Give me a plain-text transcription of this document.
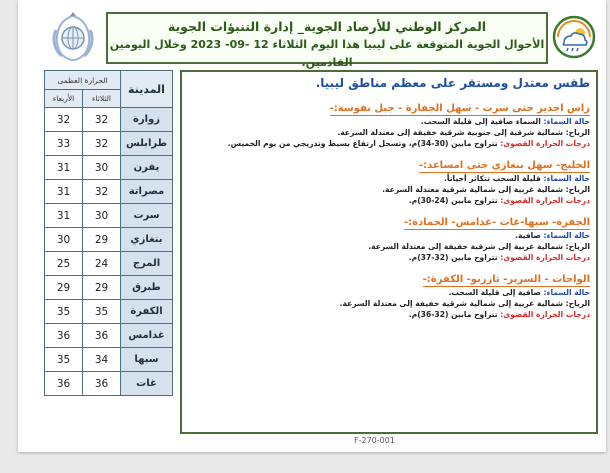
المركز الوطني للأرصاد الجوية_ إدارة التنبؤات الجوية
الأحوال الجوية المتوقعة على ليبيا هذا اليوم الثلاثاء 12 -09- 2023 وخلال اليومين القادمين.
طقس معتدل ومستقر على معظم مناطق ليبيا.
راس اجدير حتى سرت - سهل الجفارة - جبل نفوسة:-
حالة السماء: السماء صافية إلى قليلة السحب.
الرياح: شمالية شرقية إلى جنوبية شرقية خفيفة إلى معتدلة السرعة.
درجات الحرارة القصوى: تتراوح مابين (30-34)م، وتسجل ارتفاع بسيط وتدريجي من يوم الخميس.
الخليج- سهل بنغازي حتى امساعد:-
حالة السماء: قليلة السحب تتكاثر أحياناً.
الرياح: شمالية غربية إلى شمالية شرقية معتدلة السرعة.
درجات الحرارة القصوى: تتراوح مابين (24-30)م.
الجفرة- سبها-غات -غدامس- الحمادة:-
حالة السماء: صافية.
الرياح: شمالية غربية إلى شرقية خفيفة إلى معتدلة السرعة.
درجات الحرارة القصوى: تتراوح مابين (32-37)م.
الواحات - السرير- تازربو- الكفرة:-
حالة السماء: صافية إلى قليلة السحب.
الرياح: شمالية غربية إلى شمالية شرقية خفيفة إلى معتدلة السرعة.
درجات الحرارة القصوى: تتراوح مابين (32-36)م.
المدينة	الحرارة العظمى	
	الثلاثاء	الأربعاء
زوارة	32	32
طرابلس	32	33
يفرن	30	31
مصراتة	32	31
سرت	30	31
بنغازي	29	30
المرج	24	25
طبرق	29	29
الكفرة	35	35
غدامس	36	36
سبها	34	35
غات	36	36
F-270-001
